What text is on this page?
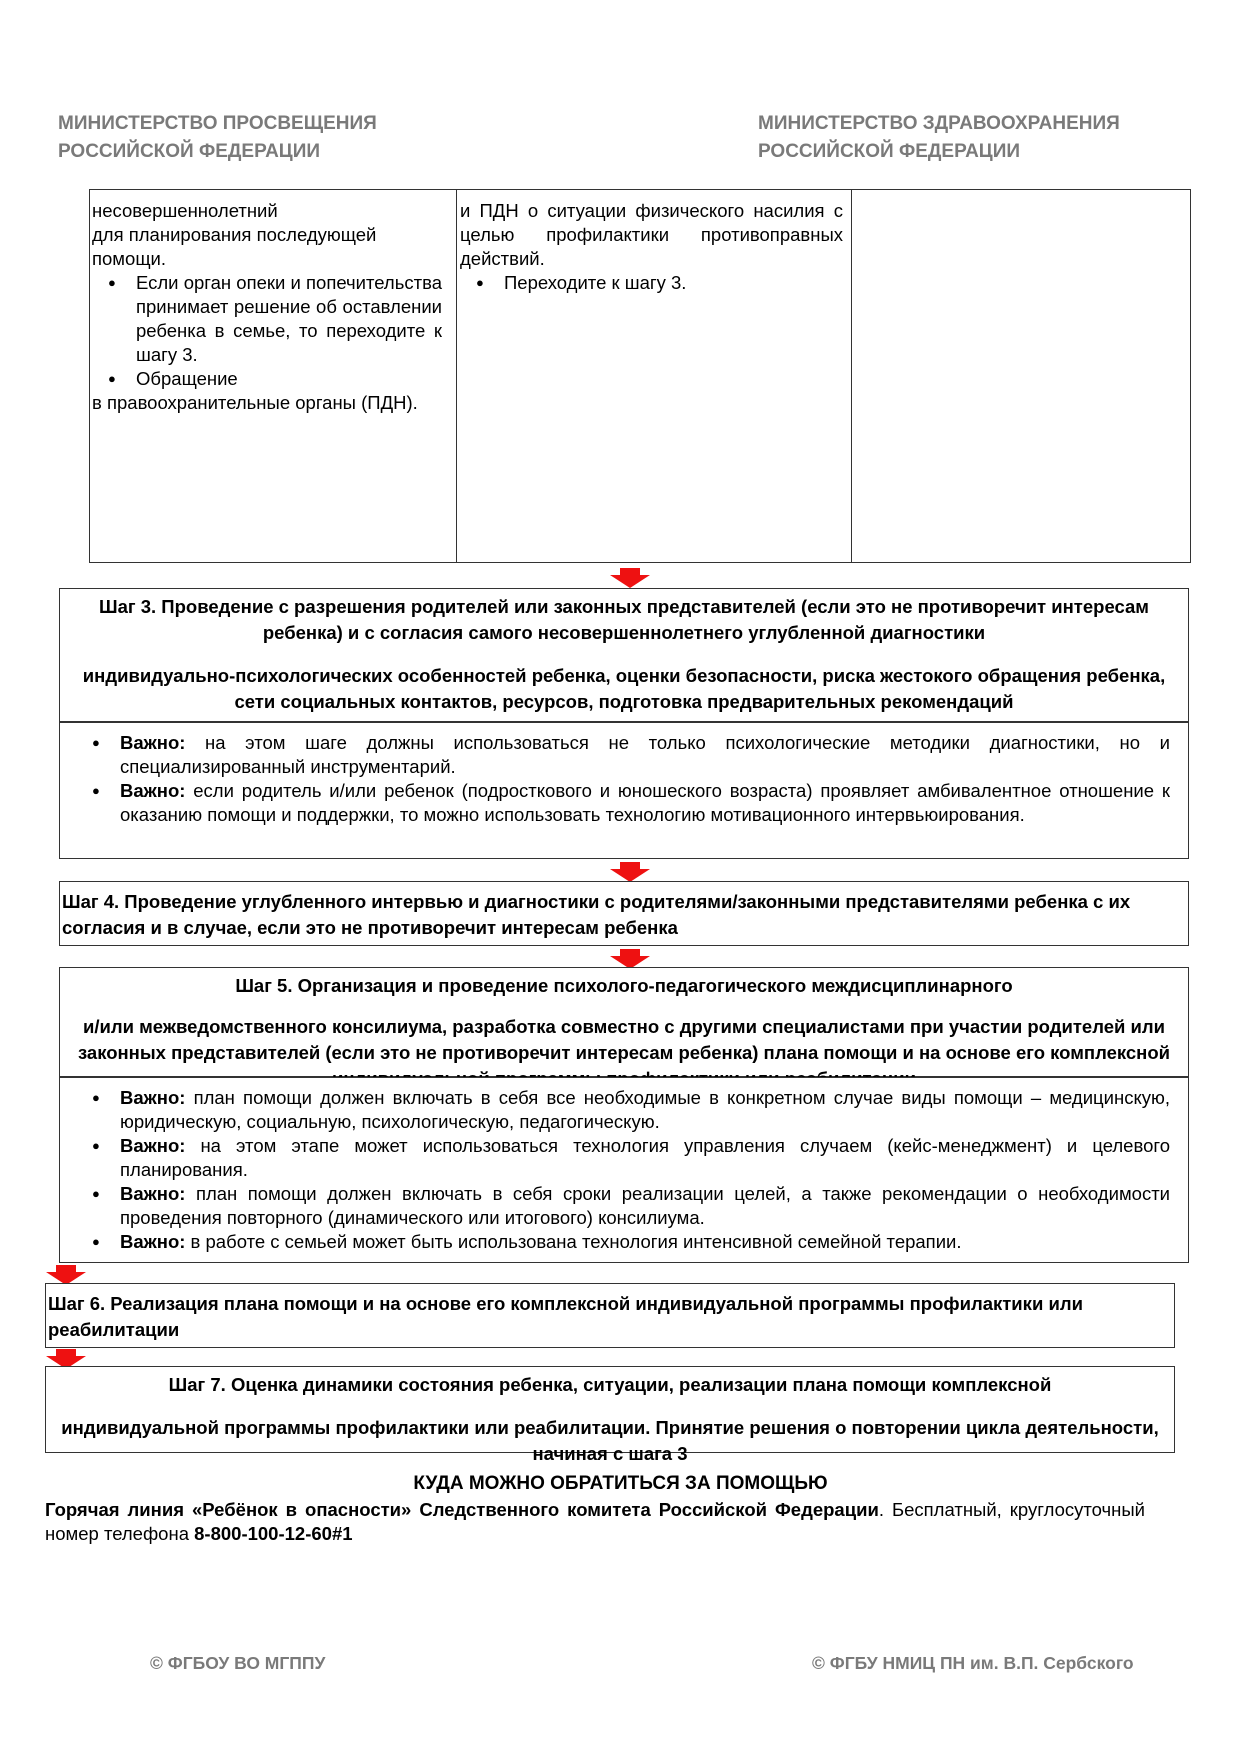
МИНИСТЕРСТВО ПРОСВЕЩЕНИЯ
РОССИЙСКОЙ ФЕДЕРАЦИИ
МИНИСТЕРСТВО ЗДРАВООХРАНЕНИЯ
РОССИЙСКОЙ ФЕДЕРАЦИИ

несовершеннолетний

для планирования последующей помощи.

● Если орган опеки и попечительства принимает решение об оставлении ребенка в семье, то переходите к шагу 3.
● Обращение

в правоохранительные органы (ПДН).

и ПДН о ситуации физического насилия с целью профилактики противоправных действий.

● Переходите к шагу 3.

Шаг 3. Проведение с разрешения родителей или законных представителей (если это не противоречит интересам ребенка) и с согласия самого несовершеннолетнего углубленной диагностики

индивидуально-психологических особенностей ребенка, оценки безопасности, риска жестокого обращения ребенка, сети социальных контактов, ресурсов, подготовка предварительных рекомендаций

● Важно: на этом шаге должны использоваться не только психологические методики диагностики, но и специализированный инструментарий.
● Важно: если родитель и/или ребенок (подросткового и юношеского возраста) проявляет амбивалентное отношение к оказанию помощи и поддержки, то можно использовать технологию мотивационного интервьюирования.

Шаг 4. Проведение углубленного интервью и диагностики с родителями/законными представителями ребенка с их согласия и в случае, если это не противоречит интересам ребенка

Шаг 5. Организация и проведение психолого-педагогического междисциплинарного

и/или межведомственного консилиума, разработка совместно с другими специалистами при участии родителей или законных представителей (если это не противоречит интересам ребенка) плана помощи и на основе его комплексной

● Важно: план помощи должен включать в себя все необходимые в конкретном случае виды помощи – медицинскую, юридическую, социальную, психологическую, педагогическую.
● Важно: на этом этапе может использоваться технология управления случаем (кейс-менеджмент) и целевого планирования.
● Важно: план помощи должен включать в себя сроки реализации целей, а также рекомендации о необходимости проведения повторного (динамического или итогового) консилиума.
● Важно: в работе с семьей может быть использована технология интенсивной семейной терапии.

Шаг 6. Реализация плана помощи и на основе его комплексной индивидуальной программы профилактики или реабилитации

Шаг 7. Оценка динамики состояния ребенка, ситуации, реализации плана помощи комплексной

индивидуальной программы профилактики или реабилитации. Принятие решения о повторении цикла деятельности, начиная с шага 3

КУДА МОЖНО ОБРАТИТЬСЯ ЗА ПОМОЩЬЮ
Горячая линия «Ребёнок в опасности» Следственного комитета Российской Федерации. Бесплатный, круглосуточный номер телефона 8-800-100-12-60#1
© ФГБОУ ВО МГППУ	© ФГБУ НМИЦ ПН им. В.П. Сербского
